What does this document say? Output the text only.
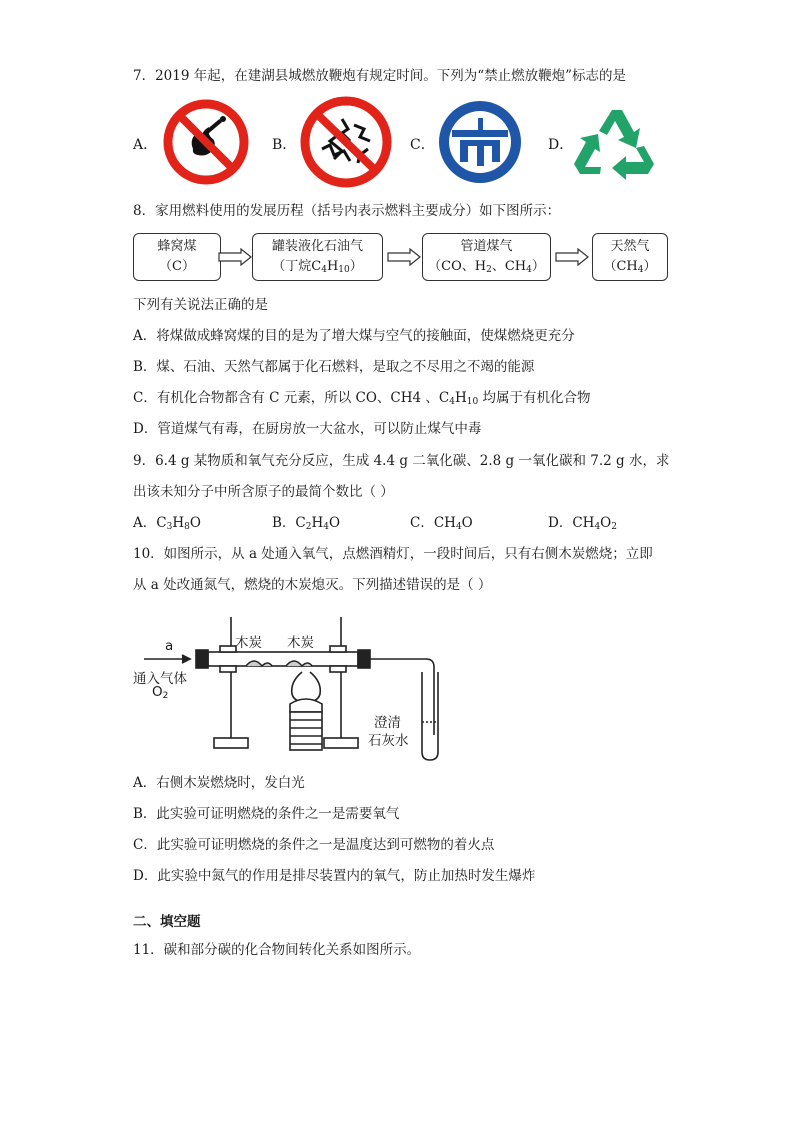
7．2019 年起，在建湖县城燃放鞭炮有规定时间。下列为“禁止燃放鞭炮”标志的是
A．	B．	C．	D．
8．家用燃料使用的发展历程（括号内表示燃料主要成分）如下图所示：
蜂窝煤
（C）
罐装液化石油气
（丁烷$C_4H_{10}$）
管道煤气
（CO、$H_2$、$CH_4$）
天然气
$(CH_4)$
下列有关说法正确的是
A．将煤做成蜂窝煤的目的是为了增大煤与空气的接触面，使煤燃烧更充分
B．煤、石油、天然气都属于化石燃料，是取之不尽用之不竭的能源
C．有机化合物都含有 C 元素，所以 CO、CH4 、$C_4H_{10}$ 均属于有机化合物
D．管道煤气有毒，在厨房放一大盆水，可以防止煤气中毒
9．6.4 g 某物质和氧气充分反应，生成 4.4 g 二氧化碳、2.8 g 一氧化碳和 7.2 g 水，求
出该未知分子中所含原子的最简个数比（ ）
A．$C_3H_8O$	B．$C_2H_4O$	C．$CH_4O$	D．$CH_4O_2$
10．如图所示，从 a 处通入氧气，点燃酒精灯，一段时间后，只有右侧木炭燃烧；立即
从 a 处改通氮气，燃烧的木炭熄灭。下列描述错误的是（ ）
a	木炭 木炭
通入气体
$O_2$
澄清
石灰水
A．右侧木炭燃烧时，发白光
B．此实验可证明燃烧的条件之一是需要氧气
C．此实验可证明燃烧的条件之一是温度达到可燃物的着火点
D．此实验中氮气的作用是排尽装置内的氧气，防止加热时发生爆炸
二、填空题
11．碳和部分碳的化合物间转化关系如图所示。
